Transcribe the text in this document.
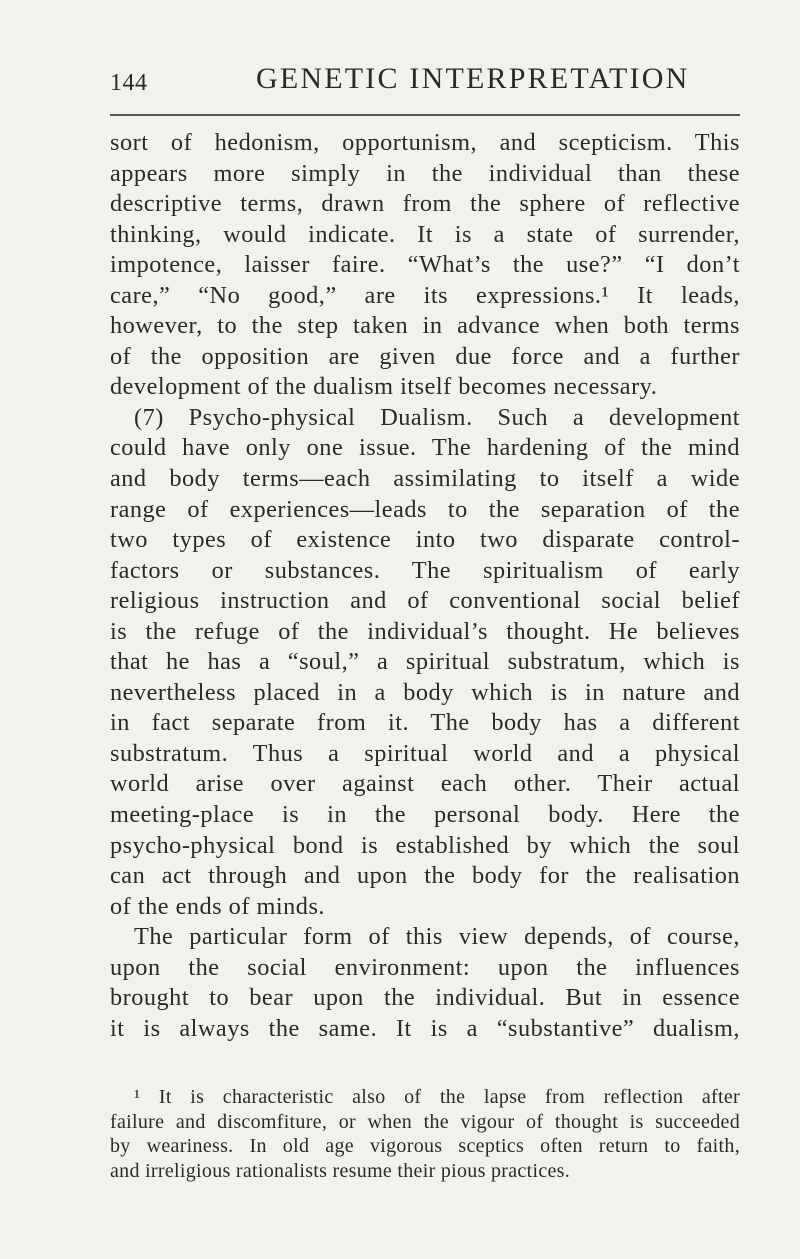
144	GENETIC INTERPRETATION
sort of hedonism, opportunism, and scepticism. This
appears more simply in the individual than these
descriptive terms, drawn from the sphere of reflective
thinking, would indicate. It is a state of surrender,
impotence, laisser faire. “What’s the use?” “I don’t
care,” “No good,” are its expressions.¹ It leads,
however, to the step taken in advance when both terms
of the opposition are given due force and a further
development of the dualism itself becomes necessary.
(7) Psycho-physical Dualism. Such a development
could have only one issue. The hardening of the mind
and body terms—each assimilating to itself a wide
range of experiences—leads to the separation of the
two types of existence into two disparate control-
factors or substances. The spiritualism of early
religious instruction and of conventional social belief
is the refuge of the individual’s thought. He believes
that he has a “soul,” a spiritual substratum, which is
nevertheless placed in a body which is in nature and
in fact separate from it. The body has a different
substratum. Thus a spiritual world and a physical
world arise over against each other. Their actual
meeting-place is in the personal body. Here the
psycho-physical bond is established by which the soul
can act through and upon the body for the realisation
of the ends of minds.
The particular form of this view depends, of course,
upon the social environment: upon the influences
brought to bear upon the individual. But in essence
it is always the same. It is a “substantive” dualism,
¹ It is characteristic also of the lapse from reflection after
failure and discomfiture, or when the vigour of thought is succeeded
by weariness. In old age vigorous sceptics often return to faith,
and irreligious rationalists resume their pious practices.
